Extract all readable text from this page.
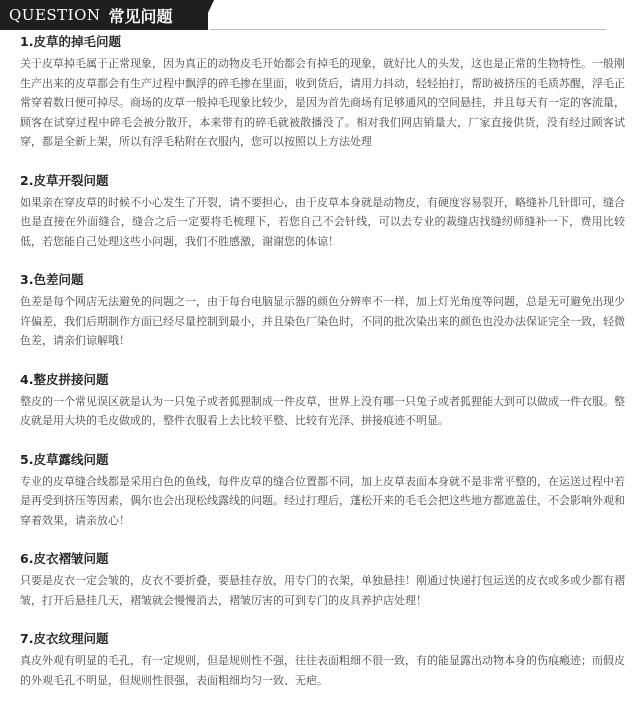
QUESTION 常见问题
1.皮草的掉毛问题
关于皮草掉毛属于正常现象，因为真正的动物皮毛开始都会有掉毛的现象，就好比人的头发，这也是正常的生物特性。一般刚生产出来的皮草都会有生产过程中飘浮的碎毛掺在里面，收到货后，请用力抖动，轻轻拍打，帮助被挤压的毛质苏醒，浮毛正常穿着数日便可掉尽。商场的皮草一般掉毛现象比较少，是因为首先商场有足够通风的空间悬挂，并且每天有一定的客流量，顾客在试穿过程中碎毛会被分散开，本来带有的碎毛就被散播没了。相对我们网店销量大，厂家直接供货，没有经过顾客试穿，都是全新上架，所以有浮毛粘附在衣服内，您可以按照以上方法处理
2.皮草开裂问题
如果亲在穿皮草的时候不小心发生了开裂，请不要担心，由于皮草本身就是动物皮，有硬度容易裂开，略缝补几针即可，缝合也是直接在外面缝合，缝合之后一定要将毛梳理下，若您自己不会针线，可以去专业的裁缝店找缝纫师缝补一下，费用比较低，若您能自己处理这些小问题，我们不胜感激，谢谢您的体谅！
3.色差问题
色差是每个网店无法避免的问题之一，由于每台电脑显示器的颜色分辨率不一样，加上灯光角度等问题，总是无可避免出现少许偏差，我们后期制作方面已经尽量控制到最小，并且染色厂染色时，不同的批次染出来的颜色也没办法保证完全一致，轻微色差，请亲们谅解哦！
4.整皮拼接问题
整皮的一个常见误区就是认为一只兔子或者狐狸制成一件皮草，世界上没有哪一只兔子或者狐狸能大到可以做成一件衣服。整皮就是用大块的毛皮做成的，整件衣服看上去比较平整、比较有光泽、拼接痕迹不明显。
5.皮草露线问题
专业的皮草缝合线都是采用白色的鱼线，每件皮草的缝合位置都不同，加上皮草表面本身就不是非常平整的，在运送过程中若是再受到挤压等因素，偶尔也会出现松线露线的问题。经过打理后，蓬松开来的毛毛会把这些地方都遮盖住，不会影响外观和穿着效果，请亲放心！
6.皮衣褶皱问题
只要是皮衣一定会皱的，皮衣不要折叠，要悬挂存放，用专门的衣架，单独悬挂！刚通过快递打包运送的皮衣或多或少都有褶皱，打开后悬挂几天，褶皱就会慢慢消去，褶皱厉害的可到专门的皮具养护店处理！
7.皮衣纹理问题
真皮外观有明显的毛孔，有一定规则，但是规则性不强，往往表面粗细不很一致，有的能显露出动物本身的伤痕瘢迹；而假皮的外观毛孔不明显，但规则性很强，表面粗细均匀一致、无疤。
